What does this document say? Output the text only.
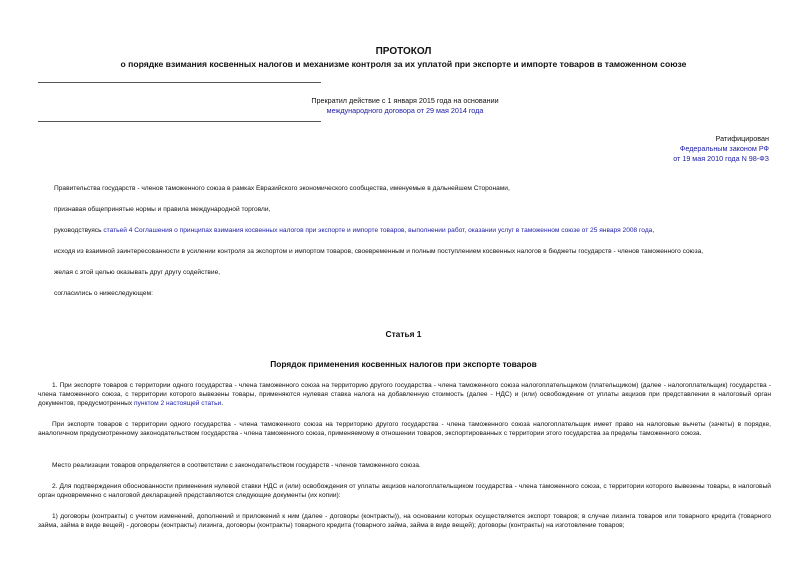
ПРОТОКОЛ
о порядке взимания косвенных налогов и механизме контроля за их уплатой при экспорте и импорте товаров в таможенном союзе
Прекратил действие с 1 января 2015 года на основании
международного договора от 29 мая 2014 года
Ратифицирован
Федеральным законом РФ
от 19 мая 2010 года N 98-ФЗ
Правительства государств - членов таможенного союза в рамках Евразийского экономического сообщества, именуемые в дальнейшем Сторонами,
признавая общепринятые нормы и правила международной торговли,
руководствуясь статьей 4 Соглашения о принципах взимания косвенных налогов при экспорте и импорте товаров, выполнении работ, оказании услуг в таможенном союзе от 25 января 2008 года,
исходя из взаимной заинтересованности в усилении контроля за экспортом и импортом товаров, своевременным и полным поступлением косвенных налогов в бюджеты государств - членов таможенного союза,
желая с этой целью оказывать друг другу содействие,
согласились о нижеследующем:
Статья 1
Порядок применения косвенных налогов при экспорте товаров
1. При экспорте товаров с территории одного государства - члена таможенного союза на территорию другого государства - члена таможенного союза налогоплательщиком (плательщиком) (далее - налогоплательщик) государства - члена таможенного союза, с территории которого вывезены товары, применяются нулевая ставка налога на добавленную стоимость (далее - НДС) и (или) освобождение от уплаты акцизов при представлении в налоговый орган документов, предусмотренных пунктом 2 настоящей статьи.
При экспорте товаров с территории одного государства - члена таможенного союза на территорию другого государства - члена таможенного союза налогоплательщик имеет право на налоговые вычеты (зачеты) в порядке, аналогичном предусмотренному законодательством государства - члена таможенного союза, применяемому в отношении товаров, экспортированных с территории этого государства за пределы таможенного союза.
Место реализации товаров определяется в соответствии с законодательством государств - членов таможенного союза.
2. Для подтверждения обоснованности применения нулевой ставки НДС и (или) освобождения от уплаты акцизов налогоплательщиком государства - члена таможенного союза, с территории которого вывезены товары, в налоговый орган одновременно с налоговой декларацией представляются следующие документы (их копии):
1) договоры (контракты) с учетом изменений, дополнений и приложений к ним (далее - договоры (контракты)), на основании которых осуществляется экспорт товаров; в случае лизинга товаров или товарного кредита (товарного займа, займа в виде вещей) - договоры (контракты) лизинга, договоры (контракты) товарного кредита (товарного займа, займа в виде вещей); договоры (контракты) на изготовление товаров;
